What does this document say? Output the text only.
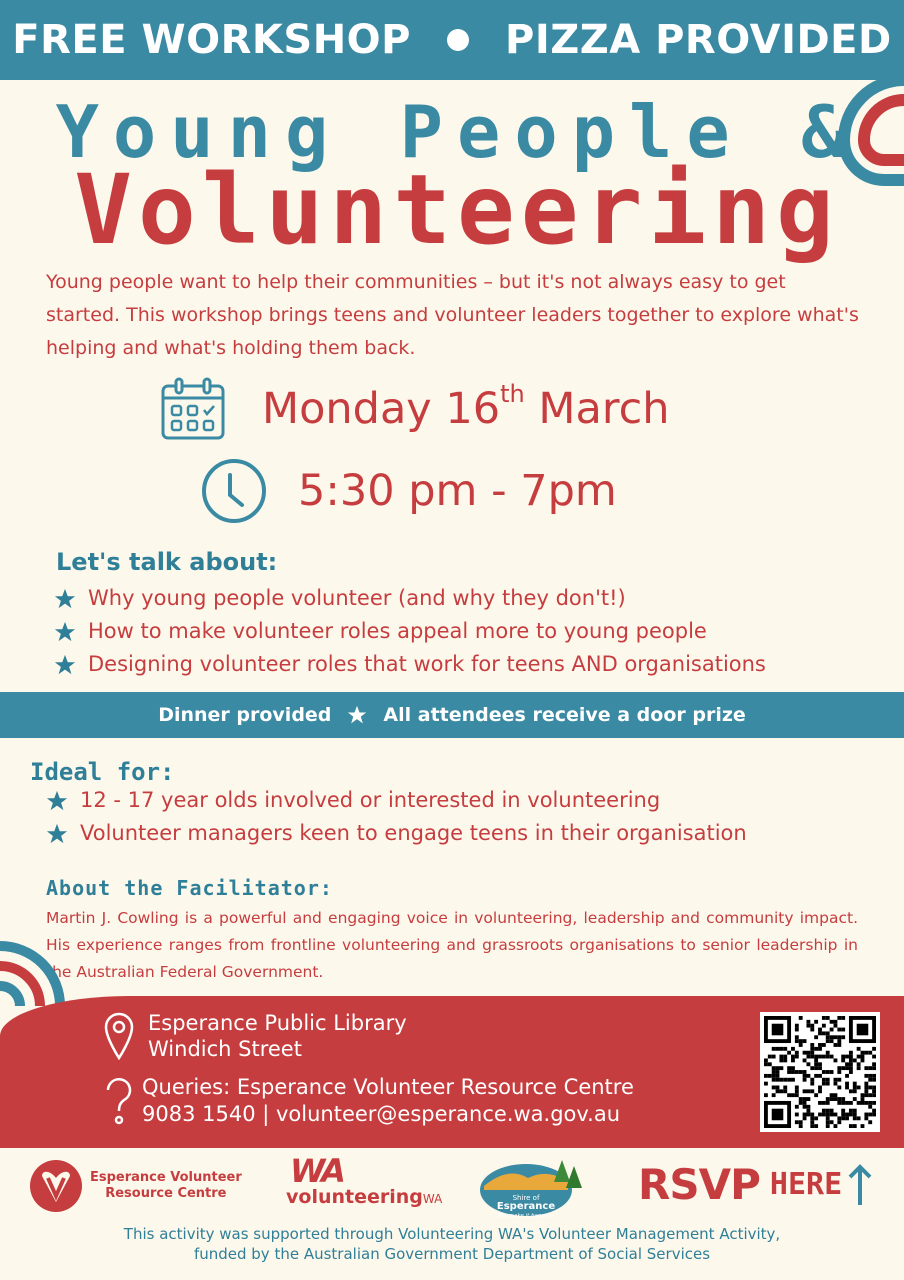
FREE WORKSHOP PIZZA PROVIDED
Young People &
Volunteering
Young people want to help their communities – but it's not always easy to get started. This workshop brings teens and volunteer leaders together to explore what's helping and what's holding them back.
Monday 16th March
5:30 pm - 7pm
Let's talk about:
Why young people volunteer (and why they don't!)
How to make volunteer roles appeal more to young people
Designing volunteer roles that work for teens AND organisations
Dinner provided	All attendees receive a door prize
Ideal for:
12 - 17 year olds involved or interested in volunteering
Volunteer managers keen to engage teens in their organisation
About the Facilitator:
Martin J. Cowling is a powerful and engaging voice in volunteering, leadership and community impact. His experience ranges from frontline volunteering and grassroots organisations to senior leadership in the Australian Federal Government.
Esperance Public Library
Windich Street
Queries: Esperance Volunteer Resource Centre
9083 1540 | volunteer@esperance.wa.gov.au
Esperance Volunteer
Resource Centre
WA
volunteeringWA	Shire of
Esperance
We make it happen!
RSVP HERE
This activity was supported through Volunteering WA's Volunteer Management Activity,
funded by the Australian Government Department of Social Services
